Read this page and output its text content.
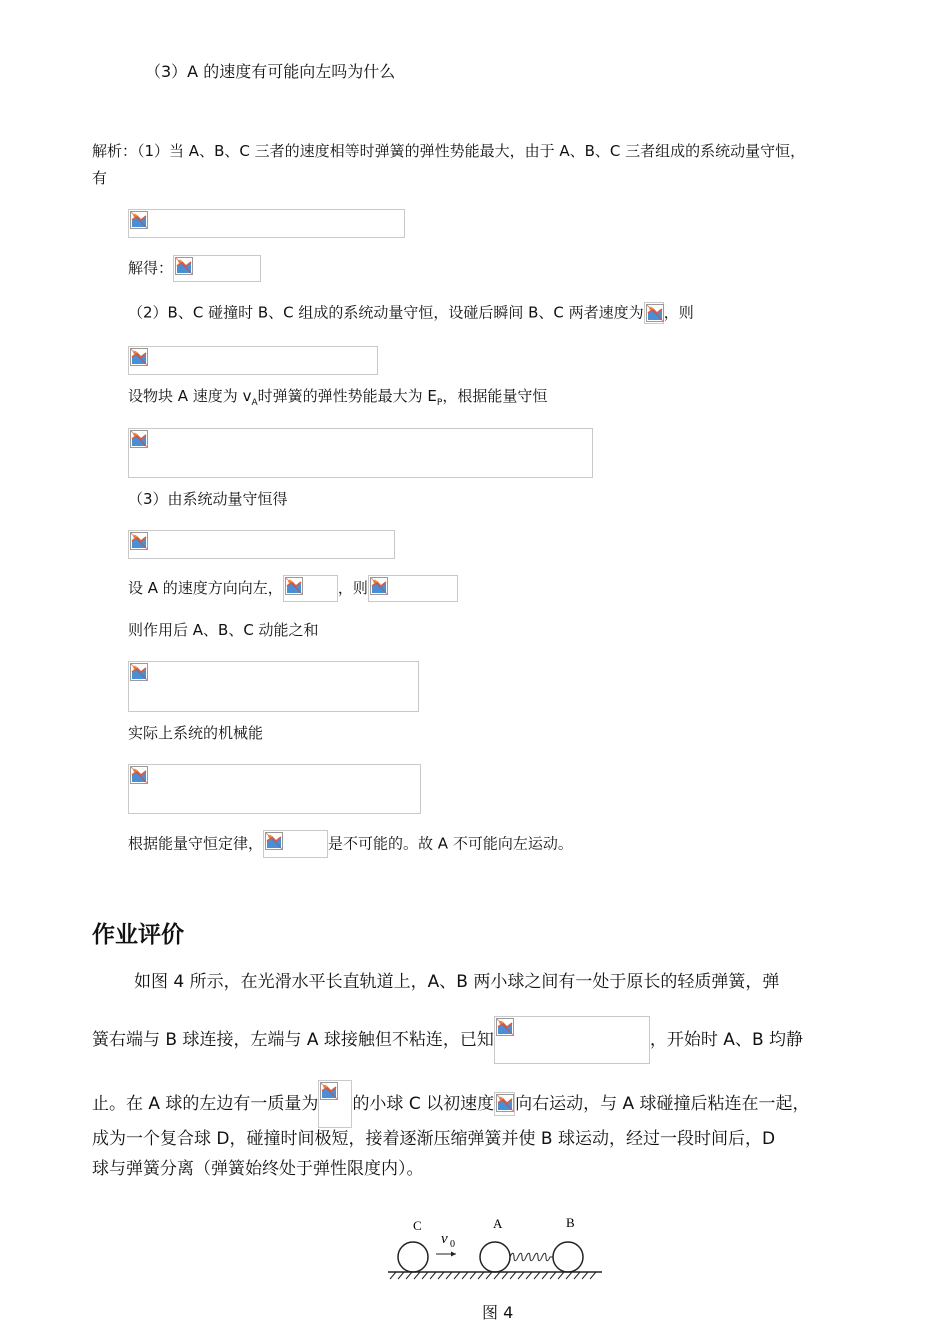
（3）A 的速度有可能向左吗为什么
解析：（1）当 A、B、C 三者的速度相等时弹簧的弹性势能最大，由于 A、B、C 三者组成的系统动量守恒，
有
解得：
（2）B、C 碰撞时 B、C 组成的系统动量守恒，设碰后瞬间 B、C 两者速度为 ，则
设物块 A 速度为 $v_A$时弹簧的弹性势能最大为 $E_P$，根据能量守恒
（3）由系统动量守恒得
设 A 的速度方向向左，	，则
则作用后 A、B、C 动能之和
实际上系统的机械能
根据能量守恒定律，	是不可能的。故 A 不可能向左运动。
作业评价
如图 4 所示，在光滑水平长直轨道上，A、B 两小球之间有一处于原长的轻质弹簧，弹
簧右端与 B 球连接，左端与 A 球接触但不粘连，已知	，开始时 A、B 均静
止。在 A 球的左边有一质量为 的小球 C 以初速度 向右运动，与 A 球碰撞后粘连在一起，
成为一个复合球 D，碰撞时间极短，接着逐渐压缩弹簧并使 B 球运动，经过一段时间后，D
球与弹簧分离（弹簧始终处于弹性限度内）。
C
v 0
A	B
图 4
